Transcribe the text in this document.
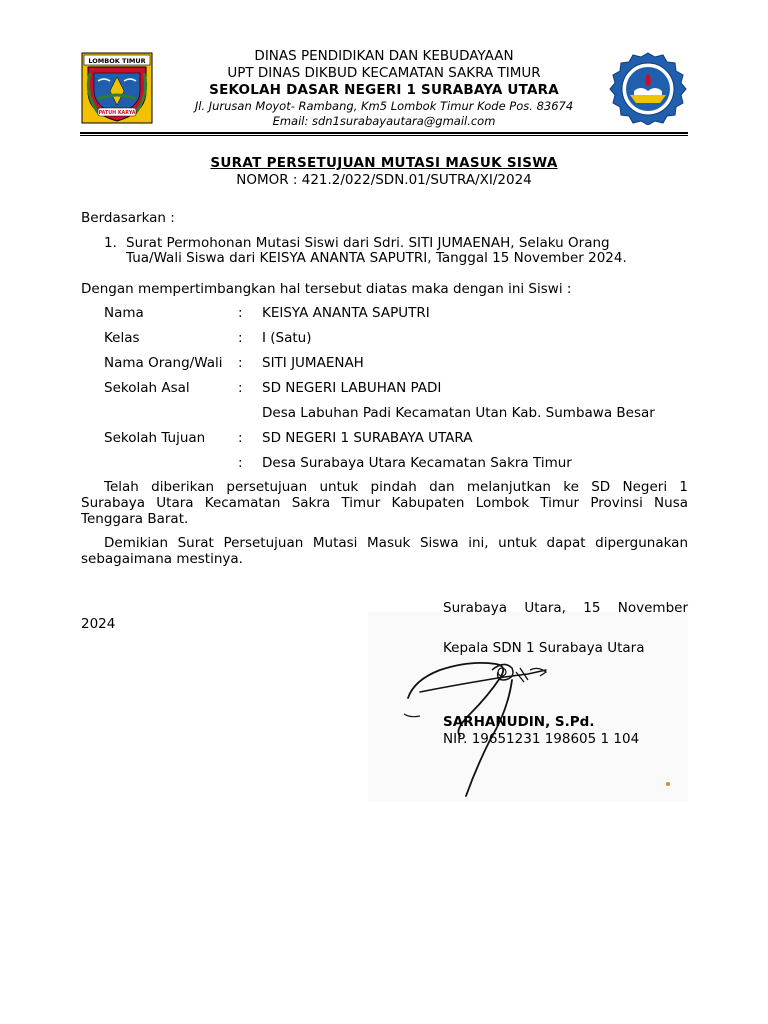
LOMBOK TIMUR
PATUH KARYA
DINAS PENDIDIKAN DAN KEBUDAYAAN
UPT DINAS DIKBUD KECAMATAN SAKRA TIMUR
SEKOLAH DASAR NEGERI 1 SURABAYA UTARA
Jl. Jurusan Moyot- Rambang, Km5 Lombok Timur Kode Pos. 83674
Email: sdn1surabayautara@gmail.com
SURAT PERSETUJUAN MUTASI MASUK SISWA
NOMOR : 421.2/022/SDN.01/SUTRA/XI/2024
Berdasarkan :
1. Surat Permohonan Mutasi Siswi dari Sdri. SITI JUMAENAH, Selaku Orang
Tua/Wali Siswa dari KEISYA ANANTA SAPUTRI, Tanggal 15 November 2024.
Dengan mempertimbangkan hal tersebut diatas maka dengan ini Siswi :
Nama	: KEISYA ANANTA SAPUTRI
Kelas	: I (Satu)
Nama Orang/Wali : SITI JUMAENAH
Sekolah Asal	: SD NEGERI LABUHAN PADI
Desa Labuhan Padi Kecamatan Utan Kab. Sumbawa Besar
Sekolah Tujuan : SD NEGERI 1 SURABAYA UTARA
: Desa Surabaya Utara Kecamatan Sakra Timur
Telah diberikan persetujuan untuk pindah dan melanjutkan ke SD Negeri 1
Surabaya Utara Kecamatan Sakra Timur Kabupaten Lombok Timur Provinsi Nusa
Tenggara Barat.
Demikian Surat Persetujuan Mutasi Masuk Siswa ini, untuk dapat dipergunakan
sebagaimana mestinya.
Surabaya Utara, 15 November
2024
Kepala SDN 1 Surabaya Utara
SARHANUDIN, S.Pd.
NIP. 19651231 198605 1 104
